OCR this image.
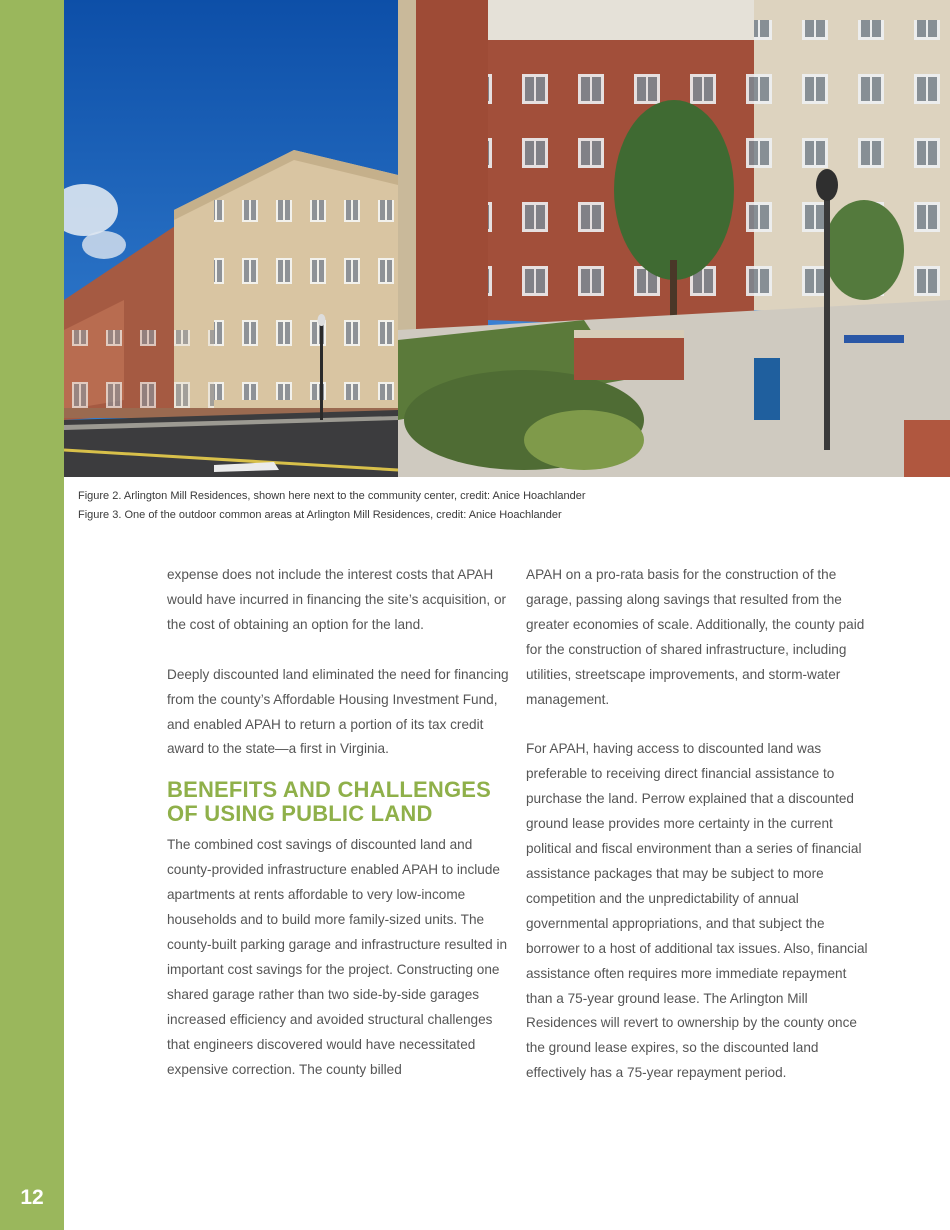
12
Figure 2. Arlington Mill Residences, shown here next to the community center, credit: Anice Hoachlander
Figure 3. One of the outdoor common areas at Arlington Mill Residences, credit: Anice Hoachlander

expense does not include the interest costs that APAH would have incurred in financing the site’s acquisition, or the cost of obtaining an option for the land.

Deeply discounted land eliminated the need for financing from the county’s Affordable Housing Investment Fund, and enabled APAH to return a portion of its tax credit award to the state—a first in Virginia.

BENEFITS AND CHALLENGES OF USING PUBLIC LAND

The combined cost savings of discounted land and county-provided infrastructure enabled APAH to include apartments at rents affordable to very low-income households and to build more family-sized units. The county-built parking garage and infrastructure resulted in important cost savings for the project. Constructing one shared garage rather than two side-by-side garages increased efficiency and avoided structural challenges that engineers discovered would have necessitated expensive correction. The county billed

APAH on a pro-rata basis for the construction of the garage, passing along savings that resulted from the greater economies of scale. Additionally, the county paid for the construction of shared infrastructure, including utilities, streetscape improvements, and storm-water management.

For APAH, having access to discounted land was preferable to receiving direct financial assistance to purchase the land. Perrow explained that a discounted ground lease provides more certainty in the current political and fiscal environment than a series of financial assistance packages that may be subject to more competition and the unpredictability of annual governmental appropriations, and that subject the borrower to a host of additional tax issues. Also, financial assistance often requires more immediate repayment than a 75-year ground lease. The Arlington Mill Residences will revert to ownership by the county once the ground lease expires, so the discounted land effectively has a 75-year repayment period.
